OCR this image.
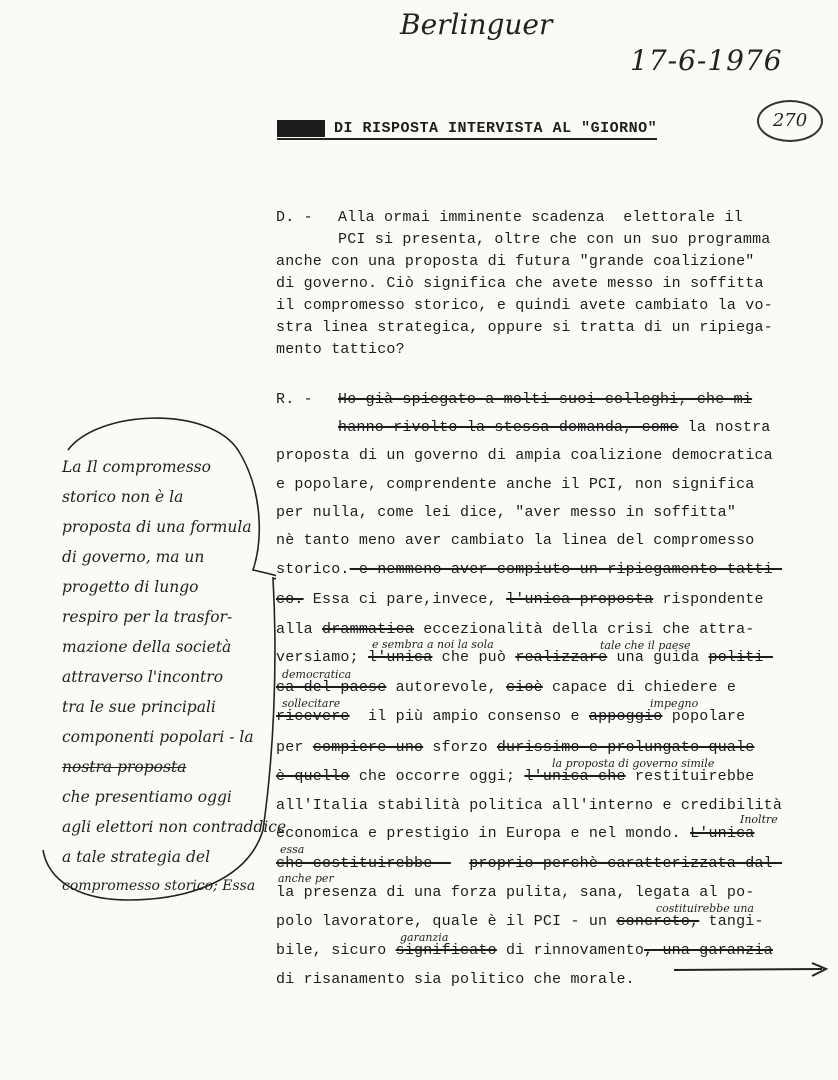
Berlinguer
17-6-1976
270
TESTO DI RISPOSTA INTERVISTA AL "GIORNO"
D. - Alla ormai imminente scadenza  elettorale il
PCI si presenta, oltre che con un suo programma
anche con una proposta di futura "grande coalizione"
di governo. Ciò significa che avete messo in soffitta
il compromesso storico, e quindi avete cambiato la vo-
stra linea strategica, oppure si tratta di un ripiega-
mento tattico?
R. - Ho già spiegato a molti suoi colleghi, che mi
hanno rivolto la stessa domanda, come la nostra
proposta di un governo di ampia coalizione democratica
e popolare, comprendente anche il PCI, non significa
per nulla, come lei dice, "aver messo in soffitta"
nè tanto meno aver cambiato la linea del compromesso
storico. e nemmeno aver compiuto un ripiegamento tatti-
co. Essa ci pare,invece, l'unica proposta rispondente
alla drammatica eccezionalità della crisi che attra-
versiamo; l'unica che può realizzare una guida politi-
ca del paese autorevole, cioè capace di chiedere e
ricevere  il più ampio consenso e appoggio popolare
per compiere uno sforzo durissimo e prolungato quale
è quello che occorre oggi; l'unica che restituirebbe
all'Italia stabilità politica all'interno e credibilità
economica e prestigio in Europa e nel mondo. L'unica
che costituirebbe - proprio perchè caratterizzata dal-
la presenza di una forza pulita, sana, legata al po-
polo lavoratore, quale è il PCI - un concreto, tangi-
bile, sicuro significato di rinnovamento, una garanzia
di risanamento sia politico che morale.
e sembra a noi la sola	tale che il paese
democratica
sollecitare	impegno
la proposta di governo simile
Inoltre
essa
anche per
costituirebbe una
garanzia
La Il compromesso
storico non è la
proposta di una formula
di governo, ma un
progetto di lungo
respiro per la trasfor-
mazione della società
attraverso l'incontro
tra le sue principali
componenti popolari - la
nostra proposta
che presentiamo oggi
agli elettori non contraddice
a tale strategia del
compromesso storico; Essa
